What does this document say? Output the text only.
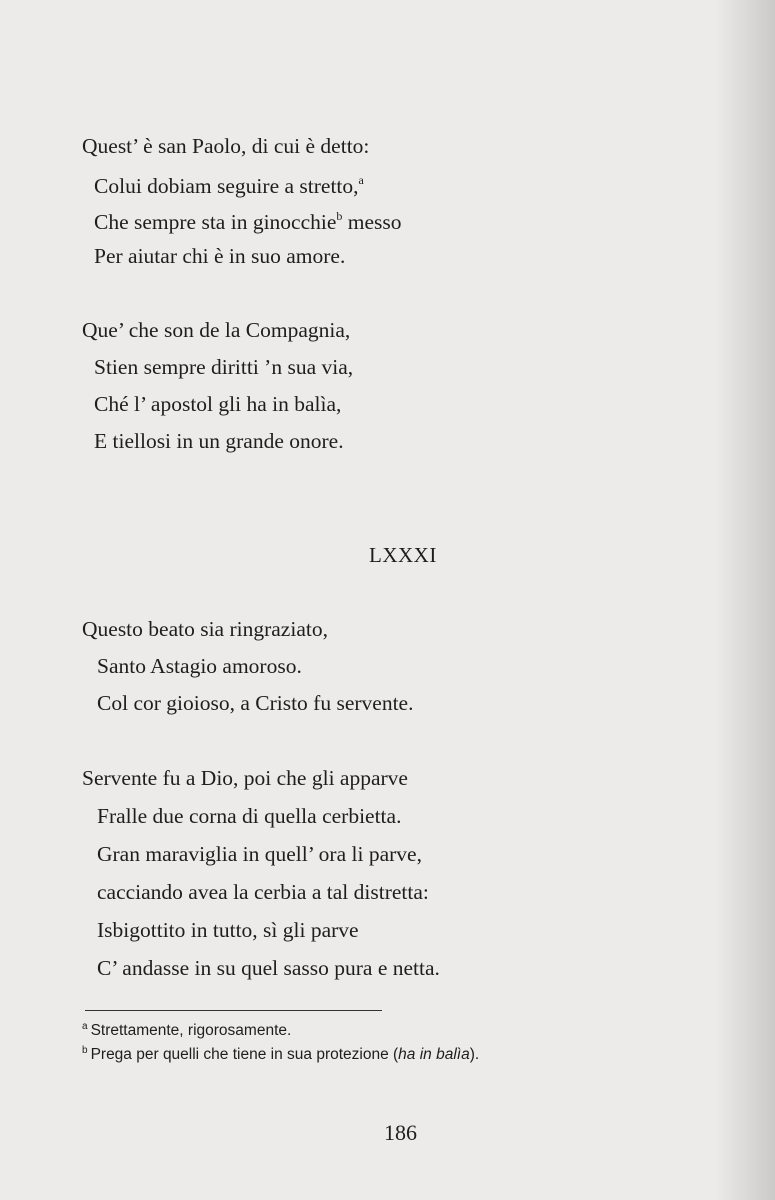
Quest’ è san Paolo, di cui è detto:
Colui dobiam seguire a stretto,$^a$
Che sempre sta in ginocchie$^b$ messo
Per aiutar chi è in suo amore.
Que’ che son de la Compagnia,
Stien sempre diritti ’n sua via,
Ché l’ apostol gli ha in balìa,
E tiellosi in un grande onore.
LXXXI
Questo beato sia ringraziato,
Santo Astagio amoroso.
Col cor gioioso, a Cristo fu servente.
Servente fu a Dio, poi che gli apparve
Fralle due corna di quella cerbietta.
Gran maraviglia in quell’ ora li parve,
cacciando avea la cerbia a tal distretta:
Isbigottito in tutto, sì gli parve
C’ andasse in su quel sasso pura e netta.
$^a$ Strettamente, rigorosamente.
$^b$ Prega per quelli che tiene in sua protezione (ha in balìa).
186
